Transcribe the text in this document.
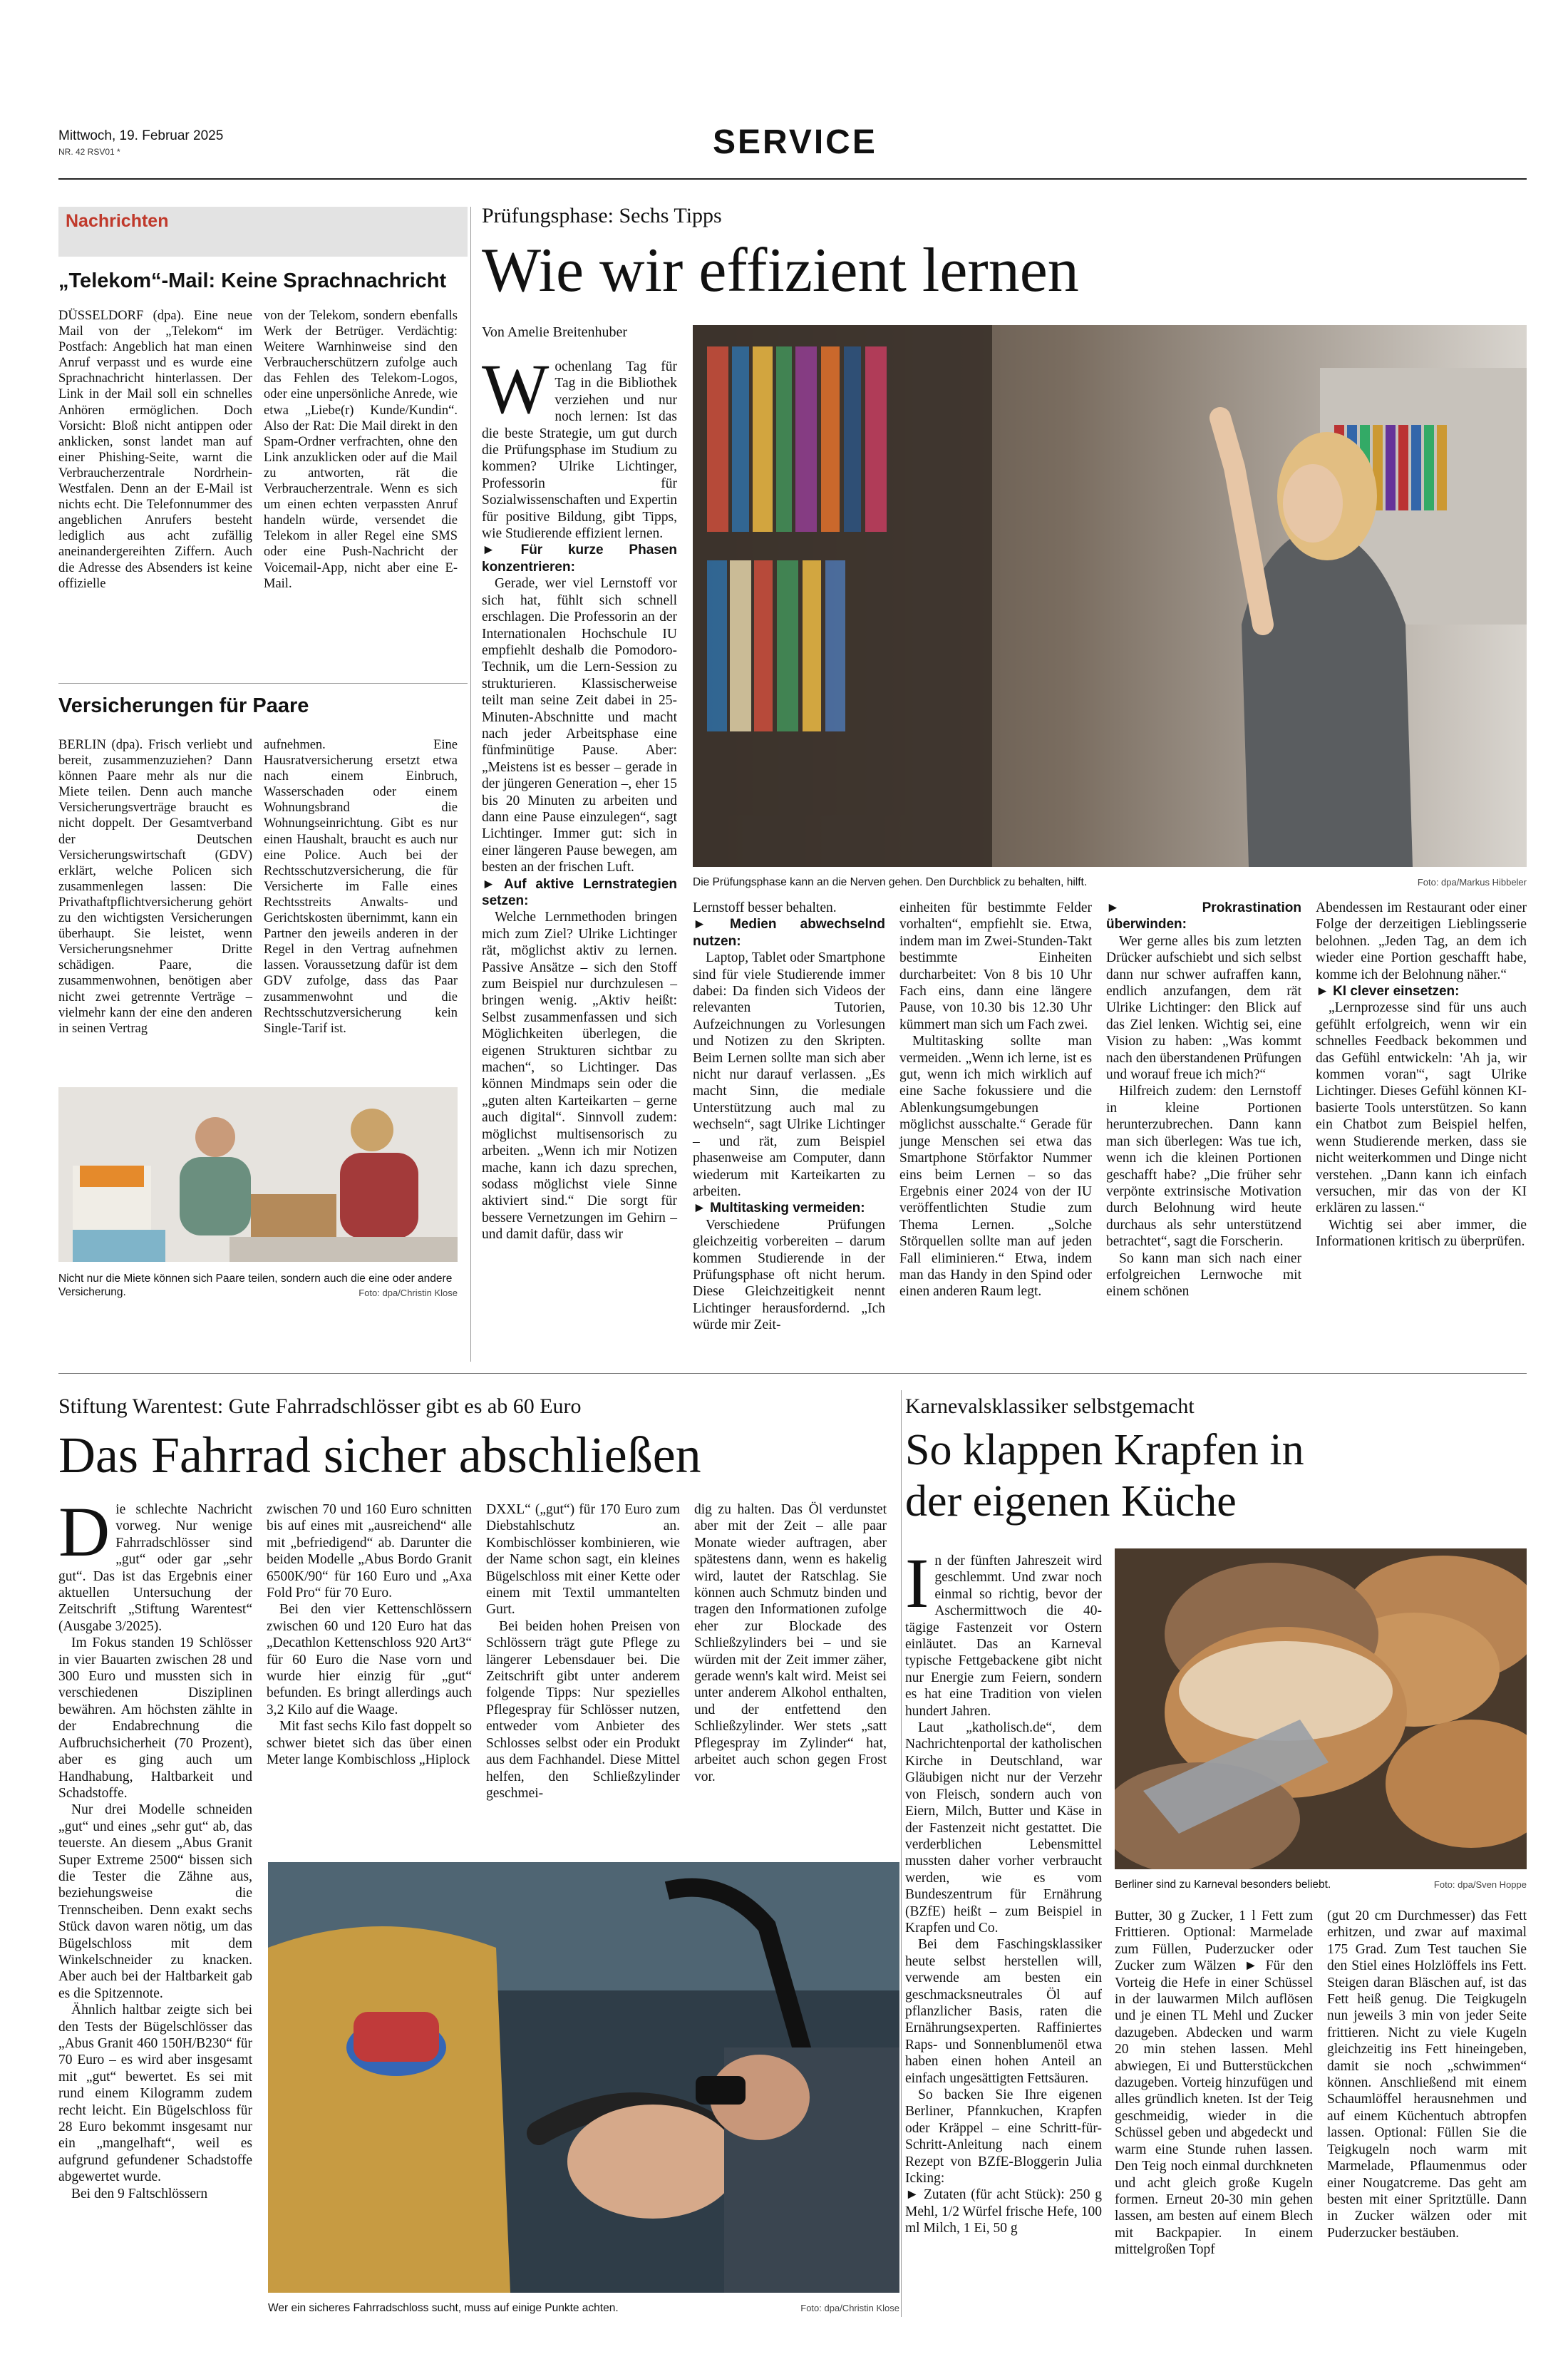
Mittwoch, 19. Februar 2025
NR. 42 RSV01 *	SERVICE
Nachrichten
„Telekom“-Mail: Keine Sprachnachricht
DÜSSELDORF (dpa). Eine neue Mail von der „Telekom“ im Postfach: Angeblich hat man einen Anruf verpasst und es wurde eine Sprachnachricht hinterlassen. Der Link in der Mail soll ein schnelles Anhören ermöglichen. Doch Vorsicht: Bloß nicht antippen oder anklicken, sonst landet man auf einer Phishing-Seite, warnt die Verbraucherzentrale Nordrhein-Westfalen. Denn an der E-Mail ist nichts echt. Die Telefonnummer des angeblichen Anrufers besteht lediglich aus acht zufällig aneinandergereihten Ziffern. Auch die Adresse des Absenders ist keine offizielle
von der Telekom, sondern ebenfalls Werk der Betrüger. Verdächtig: Weitere Warnhinweise sind den Verbraucherschützern zufolge auch das Fehlen des Telekom-Logos, oder eine unpersönliche Anrede, wie etwa „Liebe(r) Kunde/Kundin“. Also der Rat: Die Mail direkt in den Spam-Ordner verfrachten, ohne den Link anzuklicken oder auf die Mail zu antworten, rät die Verbraucherzentrale. Wenn es sich um einen echten verpassten Anruf handeln würde, versendet die Telekom in aller Regel eine SMS oder eine Push-Nachricht der Voicemail-App, nicht aber eine E-Mail.
Versicherungen für Paare
BERLIN (dpa). Frisch verliebt und bereit, zusammenzuziehen? Dann können Paare mehr als nur die Miete teilen. Denn auch manche Versicherungsverträge braucht es nicht doppelt. Der Gesamtverband der Deutschen Versicherungswirtschaft (GDV) erklärt, welche Policen sich zusammenlegen lassen: Die Privathaftpflichtversicherung gehört zu den wichtigsten Versicherungen überhaupt. Sie leistet, wenn Versicherungsnehmer Dritte schädigen. Paare, die zusammenwohnen, benötigen aber nicht zwei getrennte Verträge – vielmehr kann der eine den anderen in seinen Vertrag
aufnehmen. Eine Hausratversicherung ersetzt etwa nach einem Einbruch, Wasserschaden oder einem Wohnungsbrand die Wohnungseinrichtung. Gibt es nur einen Haushalt, braucht es auch nur eine Police. Auch bei der Rechtsschutzversicherung, die für Versicherte im Falle eines Rechtsstreits Anwalts- und Gerichtskosten übernimmt, kann ein Partner den jeweils anderen in der Regel in den Vertrag aufnehmen lassen. Voraussetzung dafür ist dem GDV zufolge, dass das Paar zusammenwohnt und die Rechtsschutzversicherung kein Single-Tarif ist.
Nicht nur die Miete können sich Paare teilen, sondern auch die eine oder andere Versicherung.	Foto: dpa/Christin Klose
Prüfungsphase: Sechs Tipps
Wie wir effizient lernen
Von Amelie Breitenhuber
Wochenlang Tag für Tag in die Bibliothek verziehen und nur noch lernen: Ist das die beste Strategie, um gut durch die Prüfungsphase im Studium zu kommen? Ulrike Lichtinger, Professorin für Sozialwissenschaften und Expertin für positive Bildung, gibt Tipps, wie Studierende effizient lernen.
► Für kurze Phasen konzentrieren:

Gerade, wer viel Lernstoff vor sich hat, fühlt sich schnell erschlagen. Die Professorin an der Internationalen Hochschule IU empfiehlt deshalb die Pomodoro-Technik, um die Lern-Session zu strukturieren. Klassischerweise teilt man seine Zeit dabei in 25-Minuten-Abschnitte und macht nach jeder Arbeitsphase eine fünfminütige Pause. Aber: „Meistens ist es besser – gerade in der jüngeren Generation –, eher 15 bis 20 Minuten zu arbeiten und dann eine Pause einzulegen“, sagt Lichtinger. Immer gut: sich in einer längeren Pause bewegen, am besten an der frischen Luft.

► Auf aktive Lernstrategien setzen:

Welche Lernmethoden bringen mich zum Ziel? Ulrike Lichtinger rät, möglichst aktiv zu lernen. Passive Ansätze – sich den Stoff zum Beispiel nur durchzulesen – bringen wenig. „Aktiv heißt: Selbst zusammenfassen und sich Möglichkeiten überlegen, die eigenen Strukturen sichtbar zu machen“, so Lichtinger. Das können Mindmaps sein oder die „guten alten Karteikarten – gerne auch digital“. Sinnvoll zudem: möglichst multisensorisch zu arbeiten. „Wenn ich mir Notizen mache, kann ich dazu sprechen, sodass möglichst viele Sinne aktiviert sind.“ Die sorgt für bessere Vernetzungen im Gehirn – und damit dafür, dass wir

Die Prüfungsphase kann an die Nerven gehen. Den Durchblick zu behalten, hilft.	Foto: dpa/Markus Hibbeler

Lernstoff besser behalten.

► Medien abwechselnd nutzen:

Laptop, Tablet oder Smartphone sind für viele Studierende immer dabei: Da finden sich Videos der relevanten Tutorien, Aufzeichnungen zu Vorlesungen und Notizen zu den Skripten. Beim Lernen sollte man sich aber nicht nur darauf verlassen. „Es macht Sinn, die mediale Unterstützung auch mal zu wechseln“, sagt Ulrike Lichtinger – und rät, zum Beispiel phasenweise am Computer, dann wiederum mit Karteikarten zu arbeiten.

► Multitasking vermeiden:

Verschiedene Prüfungen gleichzeitig vorbereiten – darum kommen Studierende in der Prüfungsphase oft nicht herum. Diese Gleichzeitigkeit nennt Lichtinger herausfordernd. „Ich würde mir Zeit-

einheiten für bestimmte Felder vorhalten“, empfiehlt sie. Etwa, indem man im Zwei-Stunden-Takt bestimmte Einheiten durcharbeitet: Von 8 bis 10 Uhr Fach eins, dann eine längere Pause, von 10.30 bis 12.30 Uhr kümmert man sich um Fach zwei.

Multitasking sollte man vermeiden. „Wenn ich lerne, ist es gut, wenn ich mich wirklich auf eine Sache fokussiere und die Ablenkungsumgebungen möglichst ausschalte.“ Gerade für junge Menschen sei etwa das Smartphone Störfaktor Nummer eins beim Lernen – so das Ergebnis einer 2024 von der IU veröffentlichten Studie zum Thema Lernen. „Solche Störquellen sollte man auf jeden Fall eliminieren.“ Etwa, indem man das Handy in den Spind oder einen anderen Raum legt.

► Prokrastination überwinden:

Wer gerne alles bis zum letzten Drücker aufschiebt und sich selbst dann nur schwer aufraffen kann, endlich anzufangen, dem rät Ulrike Lichtinger: den Blick auf das Ziel lenken. Wichtig sei, eine Vision zu haben: „Was kommt nach den überstandenen Prüfungen und worauf freue ich mich?“

Hilfreich zudem: den Lernstoff in kleine Portionen herunterzubrechen. Dann kann man sich überlegen: Was tue ich, wenn ich die kleinen Portionen geschafft habe? „Die früher sehr verpönte extrinsische Motivation durch Belohnung wird heute durchaus als sehr unterstützend betrachtet“, sagt die Forscherin.

So kann man sich nach einer erfolgreichen Lernwoche mit einem schönen

Abendessen im Restaurant oder einer Folge der derzeitigen Lieblingsserie belohnen. „Jeden Tag, an dem ich wieder eine Portion geschafft habe, komme ich der Belohnung näher.“

► KI clever einsetzen:

„Lernprozesse sind für uns auch gefühlt erfolgreich, wenn wir ein schnelles Feedback bekommen und das Gefühl entwickeln: 'Ah ja, wir kommen voran'“, sagt Ulrike Lichtinger. Dieses Gefühl können KI-basierte Tools unterstützen. So kann ein Chatbot zum Beispiel helfen, wenn Studierende merken, dass sie nicht weiterkommen und Dinge nicht verstehen. „Dann kann ich einfach versuchen, mir das von der KI erklären zu lassen.“

Wichtig sei aber immer, die Informationen kritisch zu überprüfen.

Stiftung Warentest: Gute Fahrradschlösser gibt es ab 60 Euro
Das Fahrrad sicher abschließen
Die schlechte Nachricht vorweg. Nur wenige Fahrradschlösser sind „gut“ oder gar „sehr gut“. Das ist das Ergebnis einer aktuellen Untersuchung der Zeitschrift „Stiftung Warentest“ (Ausgabe 3/2025).

Im Fokus standen 19 Schlösser in vier Bauarten zwischen 28 und 300 Euro und mussten sich in verschiedenen Disziplinen bewähren. Am höchsten zählte in der Endabrechnung die Aufbruchsicherheit (70 Prozent), aber es ging auch um Handhabung, Haltbarkeit und Schadstoffe.

Nur drei Modelle schneiden „gut“ und eines „sehr gut“ ab, das teuerste. An diesem „Abus Granit Super Extreme 2500“ bissen sich die Tester die Zähne aus, beziehungsweise die Trennscheiben. Denn exakt sechs Stück davon waren nötig, um das Bügelschloss mit dem Winkelschneider zu knacken. Aber auch bei der Haltbarkeit gab es die Spitzennote.

Ähnlich haltbar zeigte sich bei den Tests der Bügelschlösser das „Abus Granit 460 150H/B230“ für 70 Euro – es wird aber insgesamt mit „gut“ bewertet. Es sei mit rund einem Kilogramm zudem recht leicht. Ein Bügelschloss für 28 Euro bekommt insgesamt nur ein „mangelhaft“, weil es aufgrund gefundener Schadstoffe abgewertet wurde.

Bei den 9 Faltschlössern

zwischen 70 und 160 Euro schnitten bis auf eines mit „ausreichend“ alle mit „befriedigend“ ab. Darunter die beiden Modelle „Abus Bordo Granit 6500K/90“ für 160 Euro und „Axa Fold Pro“ für 70 Euro.

Bei den vier Kettenschlössern zwischen 60 und 120 Euro hat das „Decathlon Kettenschloss 920 Art3“ für 60 Euro die Nase vorn und wurde hier einzig für „gut“ befunden. Es bringt allerdings auch 3,2 Kilo auf die Waage.

Mit fast sechs Kilo fast doppelt so schwer bietet sich das über einen Meter lange Kombischloss „Hiplock

DXXL“ („gut“) für 170 Euro zum Diebstahlschutz an. Kombischlösser kombinieren, wie der Name schon sagt, ein kleines Bügelschloss mit einer Kette oder einem mit Textil ummantelten Gurt.

Bei beiden hohen Preisen von Schlössern trägt gute Pflege zu längerer Lebensdauer bei. Die Zeitschrift gibt unter anderem folgende Tipps: Nur spezielles Pflegespray für Schlösser nutzen, entweder vom Anbieter des Schlosses selbst oder ein Produkt aus dem Fachhandel. Diese Mittel helfen, den Schließzylinder geschmei-

dig zu halten. Das Öl verdunstet aber mit der Zeit – alle paar Monate wieder auftragen, aber spätestens dann, wenn es hakelig wird, lautet der Ratschlag. Sie können auch Schmutz binden und tragen den Informationen zufolge eher zur Blockade des Schließzylinders bei – und sie würden mit der Zeit immer zäher, gerade wenn's kalt wird. Meist sei unter anderem Alkohol enthalten, und der entfettend den Schließzylinder. Wer stets „satt Pflegespray im Zylinder“ hat, arbeitet auch schon gegen Frost vor.

Wer ein sicheres Fahrradschloss sucht, muss auf einige Punkte achten.	Foto: dpa/Christin Klose
Karnevalsklassiker selbstgemacht
So klappen Krapfen in
der eigenen Küche
In der fünften Jahreszeit wird geschlemmt. Und zwar noch einmal so richtig, bevor der Aschermittwoch die 40-tägige Fastenzeit vor Ostern einläutet. Das an Karneval typische Fettgebackene gibt nicht nur Energie zum Feiern, sondern es hat eine Tradition von vielen hundert Jahren.

Laut „katholisch.de“, dem Nachrichtenportal der katholischen Kirche in Deutschland, war Gläubigen nicht nur der Verzehr von Fleisch, sondern auch von Eiern, Milch, Butter und Käse in der Fastenzeit nicht gestattet. Die verderblichen Lebensmittel mussten daher vorher verbraucht werden, wie es vom Bundeszentrum für Ernährung (BZfE) heißt – zum Beispiel in Krapfen und Co.

Bei dem Faschingsklassiker heute selbst herstellen will, verwende am besten ein geschmacksneutrales Öl auf pflanzlicher Basis, raten die Ernährungsexperten. Raffiniertes Raps- und Sonnenblumenöl etwa haben einen hohen Anteil an einfach ungesättigten Fettsäuren.

So backen Sie Ihre eigenen Berliner, Pfannkuchen, Krapfen oder Kräppel – eine Schritt-für-Schritt-Anleitung nach einem Rezept von BZfE-Bloggerin Julia Icking:

► Zutaten (für acht Stück): 250 g Mehl, 1/2 Würfel frische Hefe, 100 ml Milch, 1 Ei, 50 g

Berliner sind zu Karneval besonders beliebt.	Foto: dpa/Sven Hoppe
Butter, 30 g Zucker, 1 l Fett zum Frittieren. Optional: Marmelade zum Füllen, Puderzucker oder Zucker zum Wälzen ► Für den Vorteig die Hefe in einer Schüssel in der lauwarmen Milch auflösen und je einen TL Mehl und Zucker dazugeben. Abdecken und warm 20 min stehen lassen. Mehl abwiegen, Ei und Butterstückchen dazugeben. Vorteig hinzufügen und alles gründlich kneten. Ist der Teig geschmeidig, wieder in die Schüssel geben und abgedeckt und warm eine Stunde ruhen lassen. Den Teig noch einmal durchkneten und acht gleich große Kugeln formen. Erneut 20-30 min gehen lassen, am besten auf einem Blech mit Backpapier. In einem mittelgroßen Topf
(gut 20 cm Durchmesser) das Fett erhitzen, und zwar auf maximal 175 Grad. Zum Test tauchen Sie den Stiel eines Holzlöffels ins Fett. Steigen daran Bläschen auf, ist das Fett heiß genug. Die Teigkugeln nun jeweils 3 min von jeder Seite frittieren. Nicht zu viele Kugeln gleichzeitig ins Fett hineingeben, damit sie noch „schwimmen“ können. Anschließend mit einem Schaumlöffel herausnehmen und auf einem Küchentuch abtropfen lassen. Optional: Füllen Sie die Teigkugeln noch warm mit Marmelade, Pflaumenmus oder einer Nougatcreme. Das geht am besten mit einer Spritztülle. Dann in Zucker wälzen oder mit Puderzucker bestäuben.
